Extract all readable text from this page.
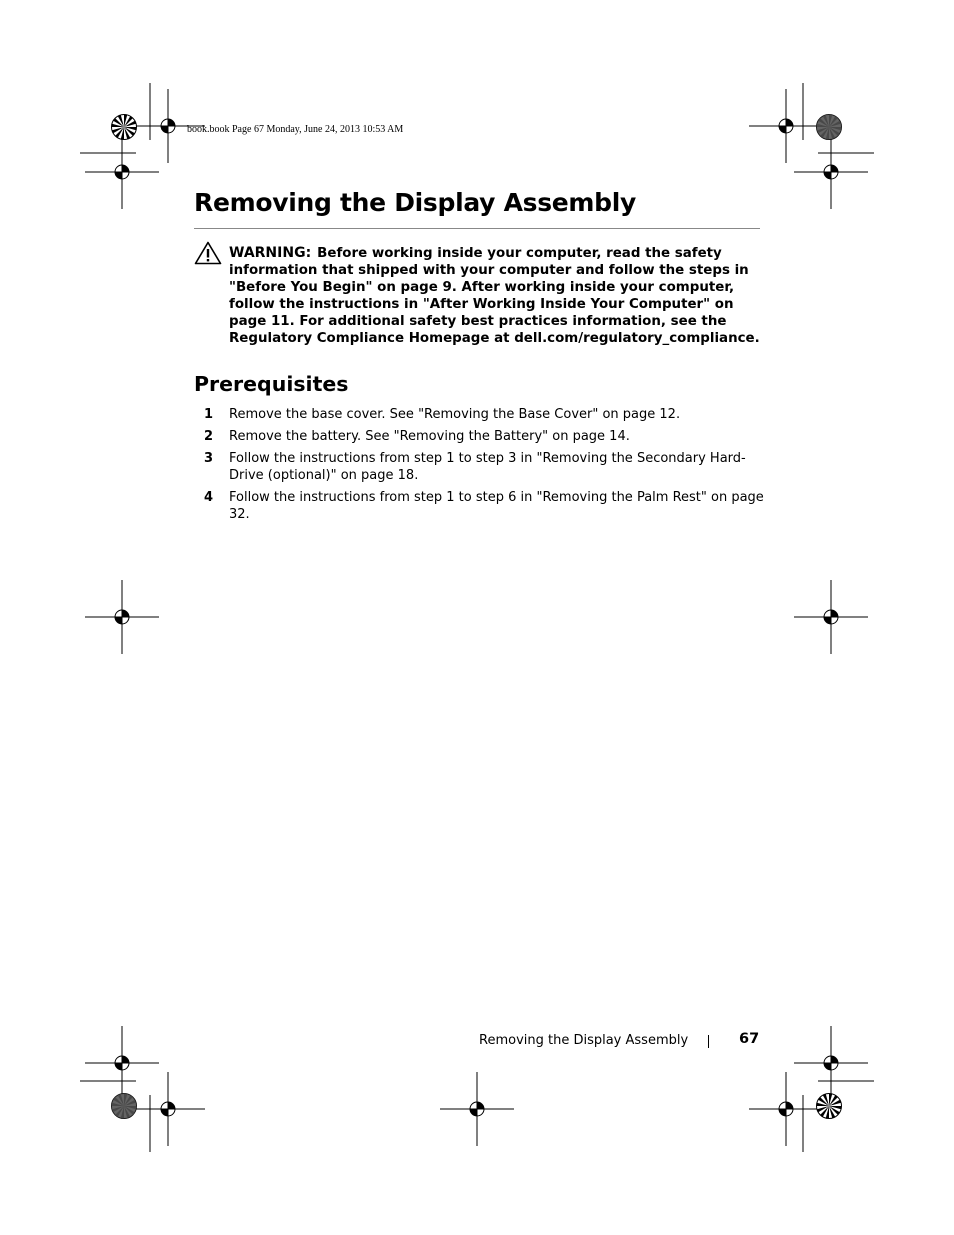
book.book Page 67 Monday, June 24, 2013 10:53 AM
Removing the Display Assembly
WARNING: Before working inside your computer, read the safety information that shipped with your computer and follow the steps in "Before You Begin" on page 9. After working inside your computer, follow the instructions in "After Working Inside Your Computer" on page 11. For additional safety best practices information, see the Regulatory Compliance Homepage at dell.com/regulatory_compliance.
Prerequisites
1 Remove the base cover. See "Removing the Base Cover" on page 12.
2 Remove the battery. See "Removing the Battery" on page 14.
3 Follow the instructions from step 1 to step 3 in "Removing the Secondary Hard-Drive (optional)" on page 18.
4 Follow the instructions from step 1 to step 6 in "Removing the Palm Rest" on page 32.
Removing the Display Assembly	67
